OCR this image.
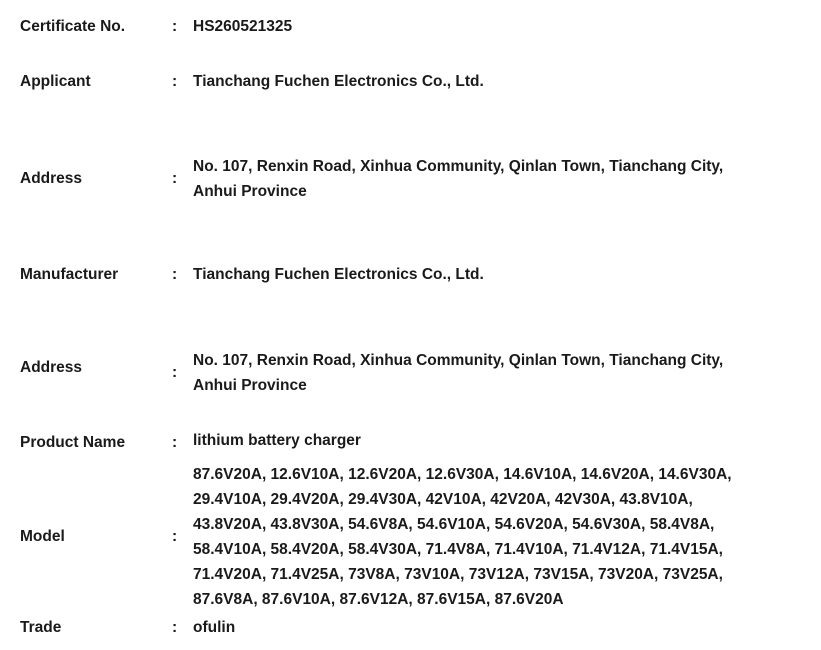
Certificate No.	: HS260521325
Applicant	: Tianchang Fuchen Electronics Co., Ltd.
Address	:
No. 107, Renxin Road, Xinhua Community, Qinlan Town, Tianchang City,
Anhui Province
Manufacturer	: Tianchang Fuchen Electronics Co., Ltd.
Address	:
No. 107, Renxin Road, Xinhua Community, Qinlan Town, Tianchang City,
Anhui Province
Product Name	: lithium battery charger
Model	:
87.6V20A, 12.6V10A, 12.6V20A, 12.6V30A, 14.6V10A, 14.6V20A, 14.6V30A,
29.4V10A, 29.4V20A, 29.4V30A, 42V10A, 42V20A, 42V30A, 43.8V10A,
43.8V20A, 43.8V30A, 54.6V8A, 54.6V10A, 54.6V20A, 54.6V30A, 58.4V8A,
58.4V10A, 58.4V20A, 58.4V30A, 71.4V8A, 71.4V10A, 71.4V12A, 71.4V15A,
71.4V20A, 71.4V25A, 73V8A, 73V10A, 73V12A, 73V15A, 73V20A, 73V25A,
87.6V8A, 87.6V10A, 87.6V12A, 87.6V15A, 87.6V20A
Trade	: ofulin
